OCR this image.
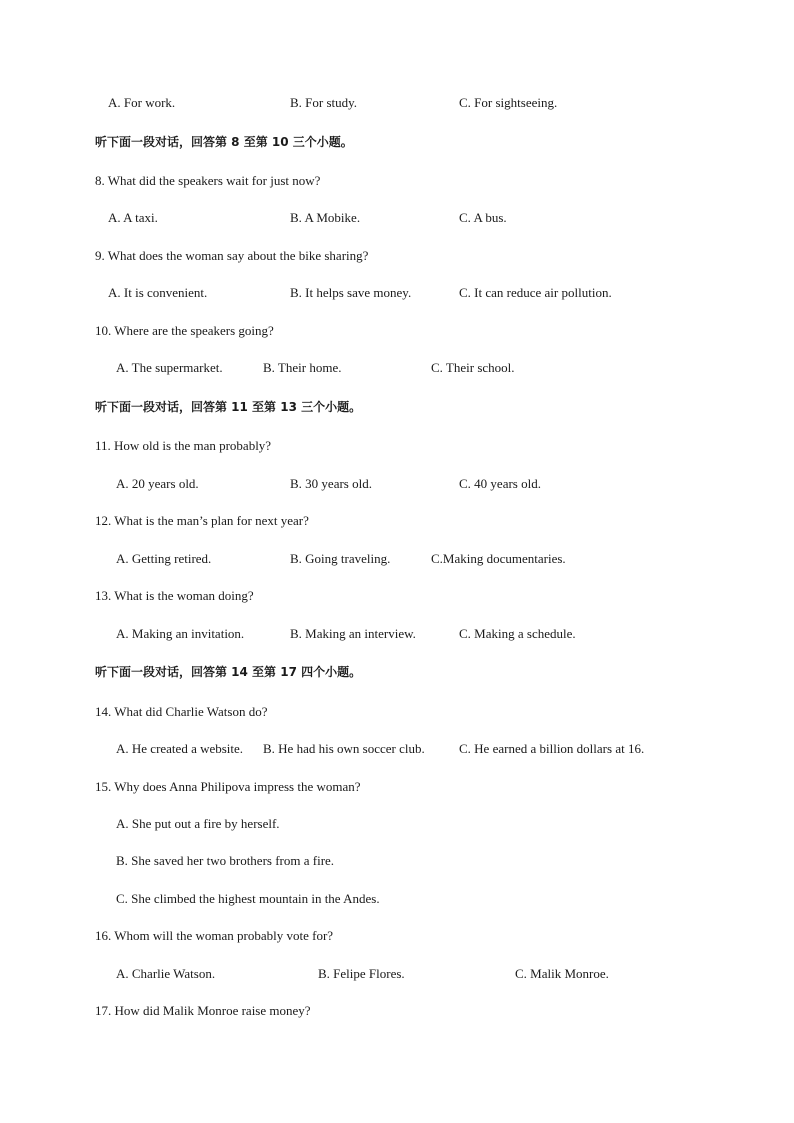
A. For work.	B. For study.	C. For sightseeing.
听下面一段对话，回答第 8 至第 10 三个小题。
8. What did the speakers wait for just now?
A. A taxi.	B. A Mobike.	C. A bus.
9. What does the woman say about the bike sharing?
A. It is convenient.	B. It helps save money.	C. It can reduce air pollution.
10. Where are the speakers going?
A. The supermarket.	B. Their home.	C. Their school.
听下面一段对话，回答第 11 至第 13 三个小题。
11. How old is the man probably?
A. 20 years old.	B. 30 years old.	C. 40 years old.
12. What is the man’s plan for next year?
A. Getting retired.	B. Going traveling.	C.Making documentaries.
13. What is the woman doing?
A. Making an invitation.	B. Making an interview.	C. Making a schedule.
听下面一段对话，回答第 14 至第 17 四个小题。
14. What did Charlie Watson do?
A. He created a website. B. He had his own soccer club.	C. He earned a billion dollars at 16.
15. Why does Anna Philipova impress the woman?
A. She put out a fire by herself.
B. She saved her two brothers from a fire.
C. She climbed the highest mountain in the Andes.
16. Whom will the woman probably vote for?
A. Charlie Watson.	B. Felipe Flores.	C. Malik Monroe.
17. How did Malik Monroe raise money?
